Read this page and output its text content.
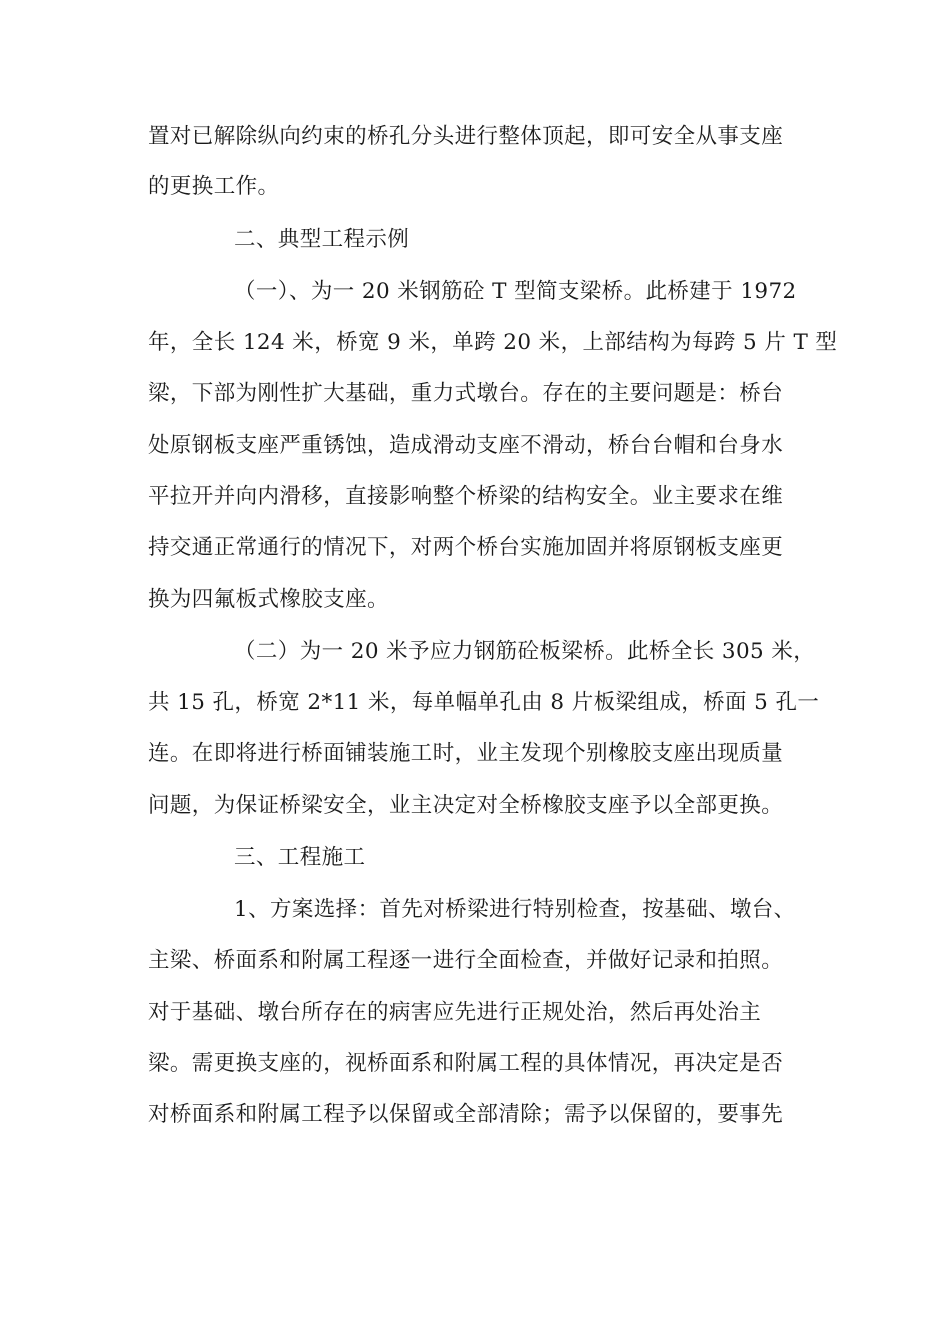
置对已解除纵向约束的桥孔分头进行整体顶起，即可安全从事支座
的更换工作。
二、典型工程示例
（一）、为一 20 米钢筋砼 T 型简支梁桥。此桥建于 1972
年，全长 124 米，桥宽 9 米，单跨 20 米，上部结构为每跨 5 片 T 型
梁，下部为刚性扩大基础，重力式墩台。存在的主要问题是：桥台
处原钢板支座严重锈蚀，造成滑动支座不滑动，桥台台帽和台身水
平拉开并向内滑移，直接影响整个桥梁的结构安全。业主要求在维
持交通正常通行的情况下，对两个桥台实施加固并将原钢板支座更
换为四氟板式橡胶支座。
（二）为一 20 米予应力钢筋砼板梁桥。此桥全长 305 米，
共 15 孔，桥宽 2*11 米，每单幅单孔由 8 片板梁组成，桥面 5 孔一
连。在即将进行桥面铺装施工时，业主发现个别橡胶支座出现质量
问题，为保证桥梁安全，业主决定对全桥橡胶支座予以全部更换。
三、工程施工
1、方案选择：首先对桥梁进行特别检查，按基础、墩台、
主梁、桥面系和附属工程逐一进行全面检查，并做好记录和拍照。
对于基础、墩台所存在的病害应先进行正规处治，然后再处治主
梁。需更换支座的，视桥面系和附属工程的具体情况，再决定是否
对桥面系和附属工程予以保留或全部清除；需予以保留的，要事先
